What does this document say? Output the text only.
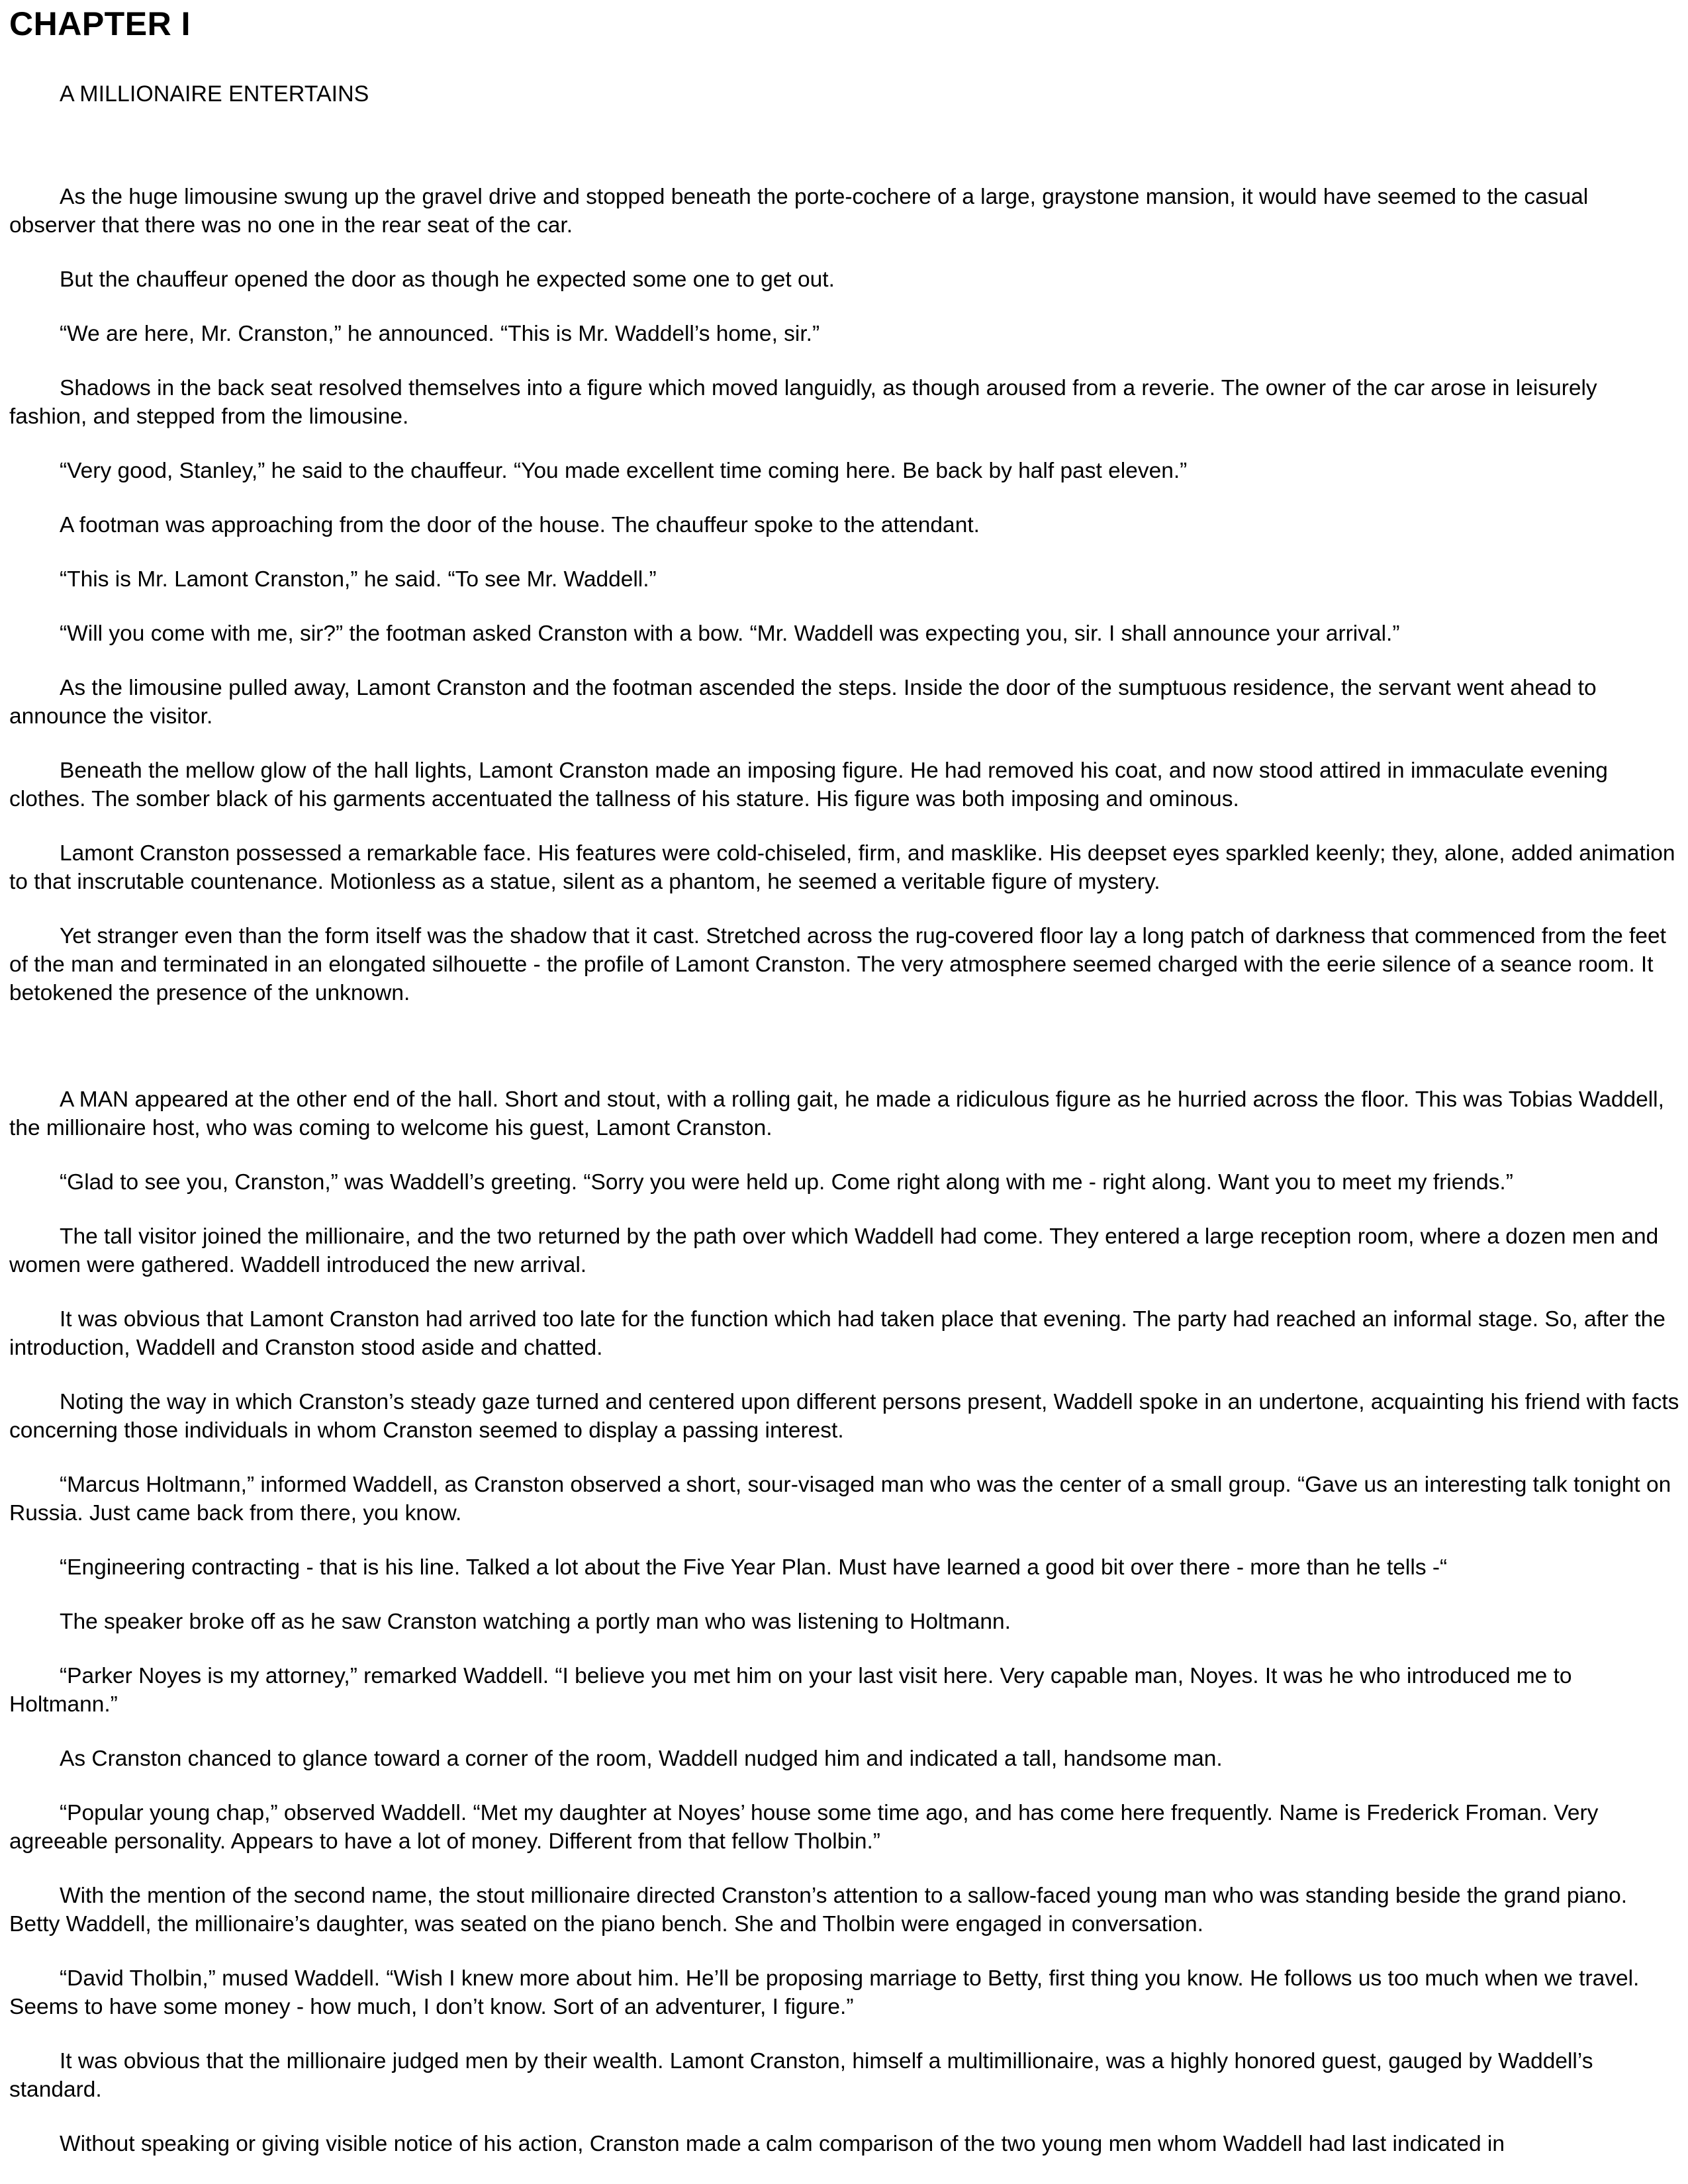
CHAPTER I
A MILLIONAIRE ENTERTAINS

As the huge limousine swung up the gravel drive and stopped beneath the porte-cochere of a large, graystone mansion, it would have seemed to the casual observer that there was no one in the rear seat of the car.

But the chauffeur opened the door as though he expected some one to get out.

“We are here, Mr. Cranston,” he announced. “This is Mr. Waddell’s home, sir.”

Shadows in the back seat resolved themselves into a figure which moved languidly, as though aroused from a reverie. The owner of the car arose in leisurely fashion, and stepped from the limousine.

“Very good, Stanley,” he said to the chauffeur. “You made excellent time coming here. Be back by half past eleven.”

A footman was approaching from the door of the house. The chauffeur spoke to the attendant.

“This is Mr. Lamont Cranston,” he said. “To see Mr. Waddell.”

“Will you come with me, sir?” the footman asked Cranston with a bow. “Mr. Waddell was expecting you, sir. I shall announce your arrival.”

As the limousine pulled away, Lamont Cranston and the footman ascended the steps. Inside the door of the sumptuous residence, the servant went ahead to announce the visitor.

Beneath the mellow glow of the hall lights, Lamont Cranston made an imposing figure. He had removed his coat, and now stood attired in immaculate evening clothes. The somber black of his garments accentuated the tallness of his stature. His figure was both imposing and ominous.

Lamont Cranston possessed a remarkable face. His features were cold-chiseled, firm, and masklike. His deepset eyes sparkled keenly; they, alone, added animation to that inscrutable countenance. Motionless as a statue, silent as a phantom, he seemed a veritable figure of mystery.

Yet stranger even than the form itself was the shadow that it cast. Stretched across the rug-covered floor lay a long patch of darkness that commenced from the feet of the man and terminated in an elongated silhouette - the profile of Lamont Cranston. The very atmosphere seemed charged with the eerie silence of a seance room. It betokened the presence of the unknown.

A MAN appeared at the other end of the hall. Short and stout, with a rolling gait, he made a ridiculous figure as he hurried across the floor. This was Tobias Waddell, the millionaire host, who was coming to welcome his guest, Lamont Cranston.

“Glad to see you, Cranston,” was Waddell’s greeting. “Sorry you were held up. Come right along with me - right along. Want you to meet my friends.”

The tall visitor joined the millionaire, and the two returned by the path over which Waddell had come. They entered a large reception room, where a dozen men and women were gathered. Waddell introduced the new arrival.

It was obvious that Lamont Cranston had arrived too late for the function which had taken place that evening. The party had reached an informal stage. So, after the introduction, Waddell and Cranston stood aside and chatted.

Noting the way in which Cranston’s steady gaze turned and centered upon different persons present, Waddell spoke in an undertone, acquainting his friend with facts concerning those individuals in whom Cranston seemed to display a passing interest.

“Marcus Holtmann,” informed Waddell, as Cranston observed a short, sour-visaged man who was the center of a small group. “Gave us an interesting talk tonight on Russia. Just came back from there, you know.

“Engineering contracting - that is his line. Talked a lot about the Five Year Plan. Must have learned a good bit over there - more than he tells -“

The speaker broke off as he saw Cranston watching a portly man who was listening to Holtmann.

“Parker Noyes is my attorney,” remarked Waddell. “I believe you met him on your last visit here. Very capable man, Noyes. It was he who introduced me to Holtmann.”

As Cranston chanced to glance toward a corner of the room, Waddell nudged him and indicated a tall, handsome man.

“Popular young chap,” observed Waddell. “Met my daughter at Noyes’ house some time ago, and has come here frequently. Name is Frederick Froman. Very agreeable personality. Appears to have a lot of money. Different from that fellow Tholbin.”

With the mention of the second name, the stout millionaire directed Cranston’s attention to a sallow-faced young man who was standing beside the grand piano. Betty Waddell, the millionaire’s daughter, was seated on the piano bench. She and Tholbin were engaged in conversation.

“David Tholbin,” mused Waddell. “Wish I knew more about him. He’ll be proposing marriage to Betty, first thing you know. He follows us too much when we travel. Seems to have some money - how much, I don’t know. Sort of an adventurer, I figure.”

It was obvious that the millionaire judged men by their wealth. Lamont Cranston, himself a multimillionaire, was a highly honored guest, gauged by Waddell’s standard.

Without speaking or giving visible notice of his action, Cranston made a calm comparison of the two young men whom Waddell had last indicated in
